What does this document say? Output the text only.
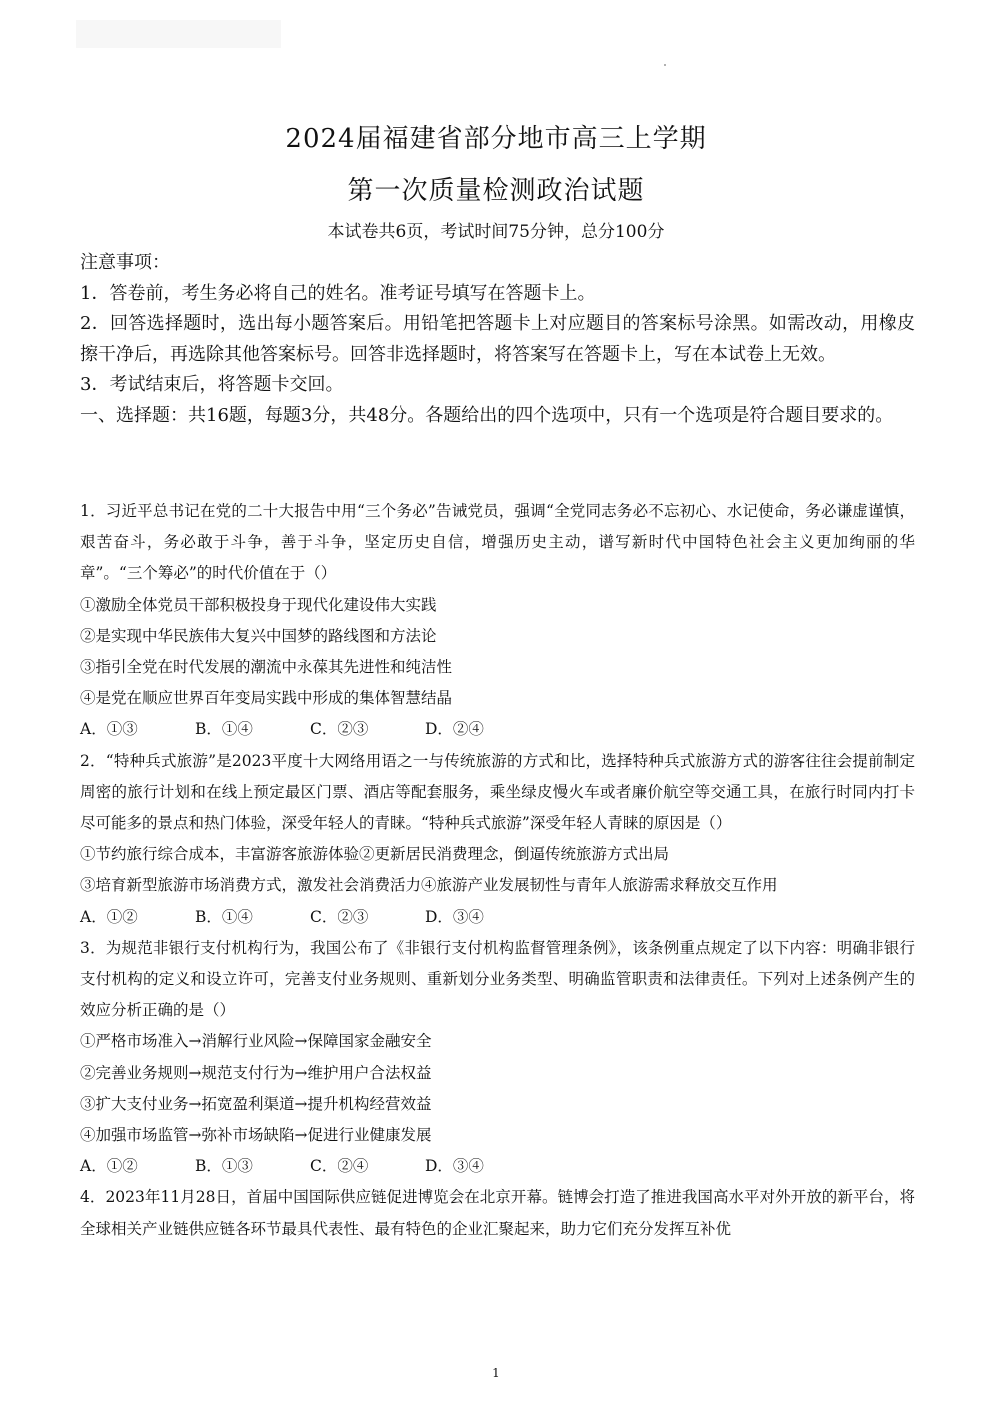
2024届福建省部分地市高三上学期
第一次质量检测政治试题
本试卷共6页，考试时间75分钟，总分100分

注意事项：

1．答卷前，考生务必将自己的姓名。准考证号填写在答题卡上。

2．回答选择题时，选出每小题答案后。用铅笔把答题卡上对应题目的答案标号涂黑。如需改动，用橡皮擦干净后，再选除其他答案标号。回答非选择题时，将答案写在答题卡上，写在本试卷上无效。

3．考试结束后，将答题卡交回。

一、选择题：共16题，每题3分，共48分。各题给出的四个选项中，只有一个选项是符合题目要求的。

1．习近平总书记在党的二十大报告中用“三个务必”告诫党员，强调“全党同志务必不忘初心、水记使命，务必谦虚谨慎，艰苦奋斗，务必敢于斗争，善于斗争，坚定历史自信，增强历史主动，谱写新时代中国特色社会主义更加绚丽的华章”。“三个筹必”的时代价值在于（）

①激励全体党员干部积极投身于现代化建设伟大实践

②是实现中华民族伟大复兴中国梦的路线图和方法论

③指引全党在时代发展的潮流中永葆其先进性和纯洁性

④是党在顺应世界百年变局实践中形成的集体智慧结晶

A．①③	B．①④	C．②③	D．②④

2．“特种兵式旅游”是2023平度十大网络用语之一与传统旅游的方式和比，选择特种兵式旅游方式的游客往往会提前制定周密的旅行计划和在线上预定最区门票、酒店等配套服务，乘坐绿皮慢火车或者廉价航空等交通工具，在旅行时同内打卡尽可能多的景点和热门体验，深受年轻人的青睐。“特种兵式旅游”深受年轻人青睐的原因是（）

①节约旅行综合成本，丰富游客旅游体验②更新居民消费理念，倒逼传统旅游方式出局

③培育新型旅游市场消费方式，激发社会消费活力④旅游产业发展韧性与青年人旅游需求释放交互作用

A．①②	B．①④	C．②③	D．③④

3．为规范非银行支付机构行为，我国公布了《非银行支付机构监督管理条例》，该条例重点规定了以下内容：明确非银行支付机构的定义和设立许可，完善支付业务规则、重新划分业务类型、明确监管职责和法律责任。下列对上述条例产生的效应分析正确的是（）

①严格市场准入→消解行业风险→保障国家金融安全

②完善业务规则→规范支付行为→维护用户合法权益

③扩大支付业务→拓宽盈利渠道→提升机构经营效益

④加强市场监管→弥补市场缺陷→促进行业健康发展

A．①②	B．①③	C．②④	D．③④

4．2023年11月28日，首届中国国际供应链促进博览会在北京开幕。链博会打造了推进我国高水平对外开放的新平台，将全球相关产业链供应链各环节最具代表性、最有特色的企业汇聚起来，助力它们充分发挥互补优

1
